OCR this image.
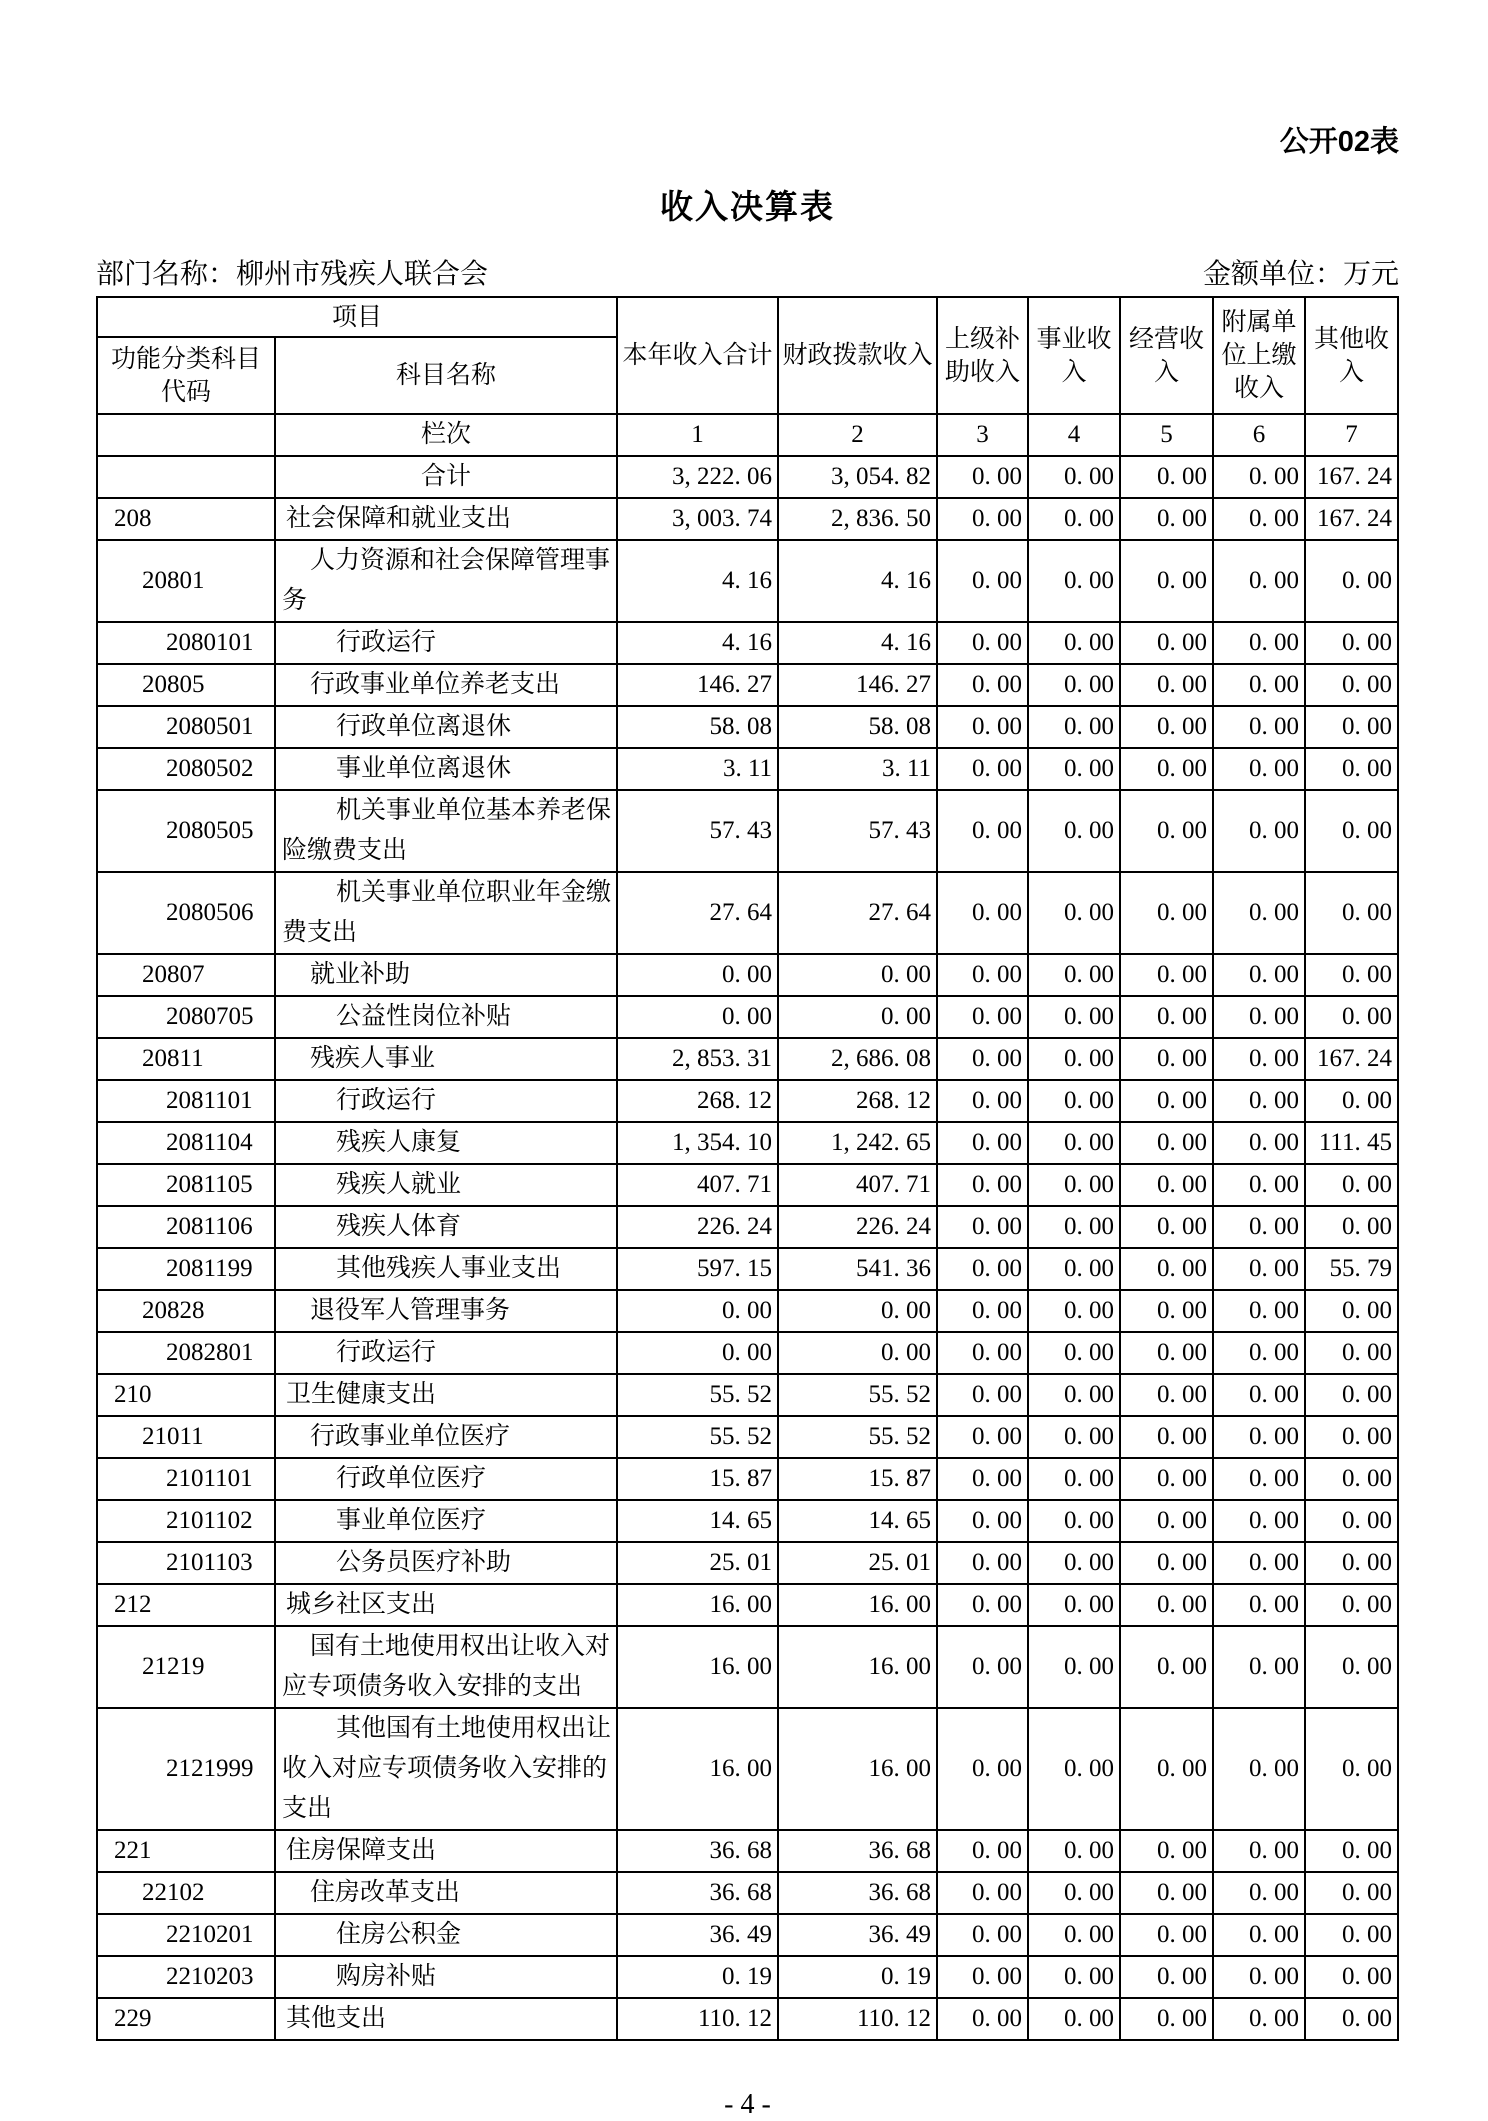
公开02表
收入决算表
部门名称：柳州市残疾人联合会	金额单位：万元
项目		本年收入合计	财政拨款收入	上级补助收入	事业收入	经营收入	附属单位上缴收入	其他收入
功能分类科目代码	科目名称							
	栏次	1	2	3	4	5	6	7
	合计	3, 222. 06	3, 054. 82	0. 00	0. 00	0. 00	0. 00	167. 24
208	社会保障和就业支出	3, 003. 74	2, 836. 50	0. 00	0. 00	0. 00	0. 00	167. 24
20801	人力资源和社会保障管理事务	4. 16	4. 16	0. 00	0. 00	0. 00	0. 00	0. 00
2080101	行政运行	4. 16	4. 16	0. 00	0. 00	0. 00	0. 00	0. 00
20805	行政事业单位养老支出	146. 27	146. 27	0. 00	0. 00	0. 00	0. 00	0. 00
2080501	行政单位离退休	58. 08	58. 08	0. 00	0. 00	0. 00	0. 00	0. 00
2080502	事业单位离退休	3. 11	3. 11	0. 00	0. 00	0. 00	0. 00	0. 00
2080505	机关事业单位基本养老保险缴费支出	57. 43	57. 43	0. 00	0. 00	0. 00	0. 00	0. 00
2080506	机关事业单位职业年金缴费支出	27. 64	27. 64	0. 00	0. 00	0. 00	0. 00	0. 00
20807	就业补助	0. 00	0. 00	0. 00	0. 00	0. 00	0. 00	0. 00
2080705	公益性岗位补贴	0. 00	0. 00	0. 00	0. 00	0. 00	0. 00	0. 00
20811	残疾人事业	2, 853. 31	2, 686. 08	0. 00	0. 00	0. 00	0. 00	167. 24
2081101	行政运行	268. 12	268. 12	0. 00	0. 00	0. 00	0. 00	0. 00
2081104	残疾人康复	1, 354. 10	1, 242. 65	0. 00	0. 00	0. 00	0. 00	111. 45
2081105	残疾人就业	407. 71	407. 71	0. 00	0. 00	0. 00	0. 00	0. 00
2081106	残疾人体育	226. 24	226. 24	0. 00	0. 00	0. 00	0. 00	0. 00
2081199	其他残疾人事业支出	597. 15	541. 36	0. 00	0. 00	0. 00	0. 00	55. 79
20828	退役军人管理事务	0. 00	0. 00	0. 00	0. 00	0. 00	0. 00	0. 00
2082801	行政运行	0. 00	0. 00	0. 00	0. 00	0. 00	0. 00	0. 00
210	卫生健康支出	55. 52	55. 52	0. 00	0. 00	0. 00	0. 00	0. 00
21011	行政事业单位医疗	55. 52	55. 52	0. 00	0. 00	0. 00	0. 00	0. 00
2101101	行政单位医疗	15. 87	15. 87	0. 00	0. 00	0. 00	0. 00	0. 00
2101102	事业单位医疗	14. 65	14. 65	0. 00	0. 00	0. 00	0. 00	0. 00
2101103	公务员医疗补助	25. 01	25. 01	0. 00	0. 00	0. 00	0. 00	0. 00
212	城乡社区支出	16. 00	16. 00	0. 00	0. 00	0. 00	0. 00	0. 00
21219	国有土地使用权出让收入对应专项债务收入安排的支出	16. 00	16. 00	0. 00	0. 00	0. 00	0. 00	0. 00
2121999	其他国有土地使用权出让收入对应专项债务收入安排的支出	16. 00	16. 00	0. 00	0. 00	0. 00	0. 00	0. 00
221	住房保障支出	36. 68	36. 68	0. 00	0. 00	0. 00	0. 00	0. 00
22102	住房改革支出	36. 68	36. 68	0. 00	0. 00	0. 00	0. 00	0. 00
2210201	住房公积金	36. 49	36. 49	0. 00	0. 00	0. 00	0. 00	0. 00
2210203	购房补贴	0. 19	0. 19	0. 00	0. 00	0. 00	0. 00	0. 00
229	其他支出	110. 12	110. 12	0. 00	0. 00	0. 00	0. 00	0. 00
- 4 -
